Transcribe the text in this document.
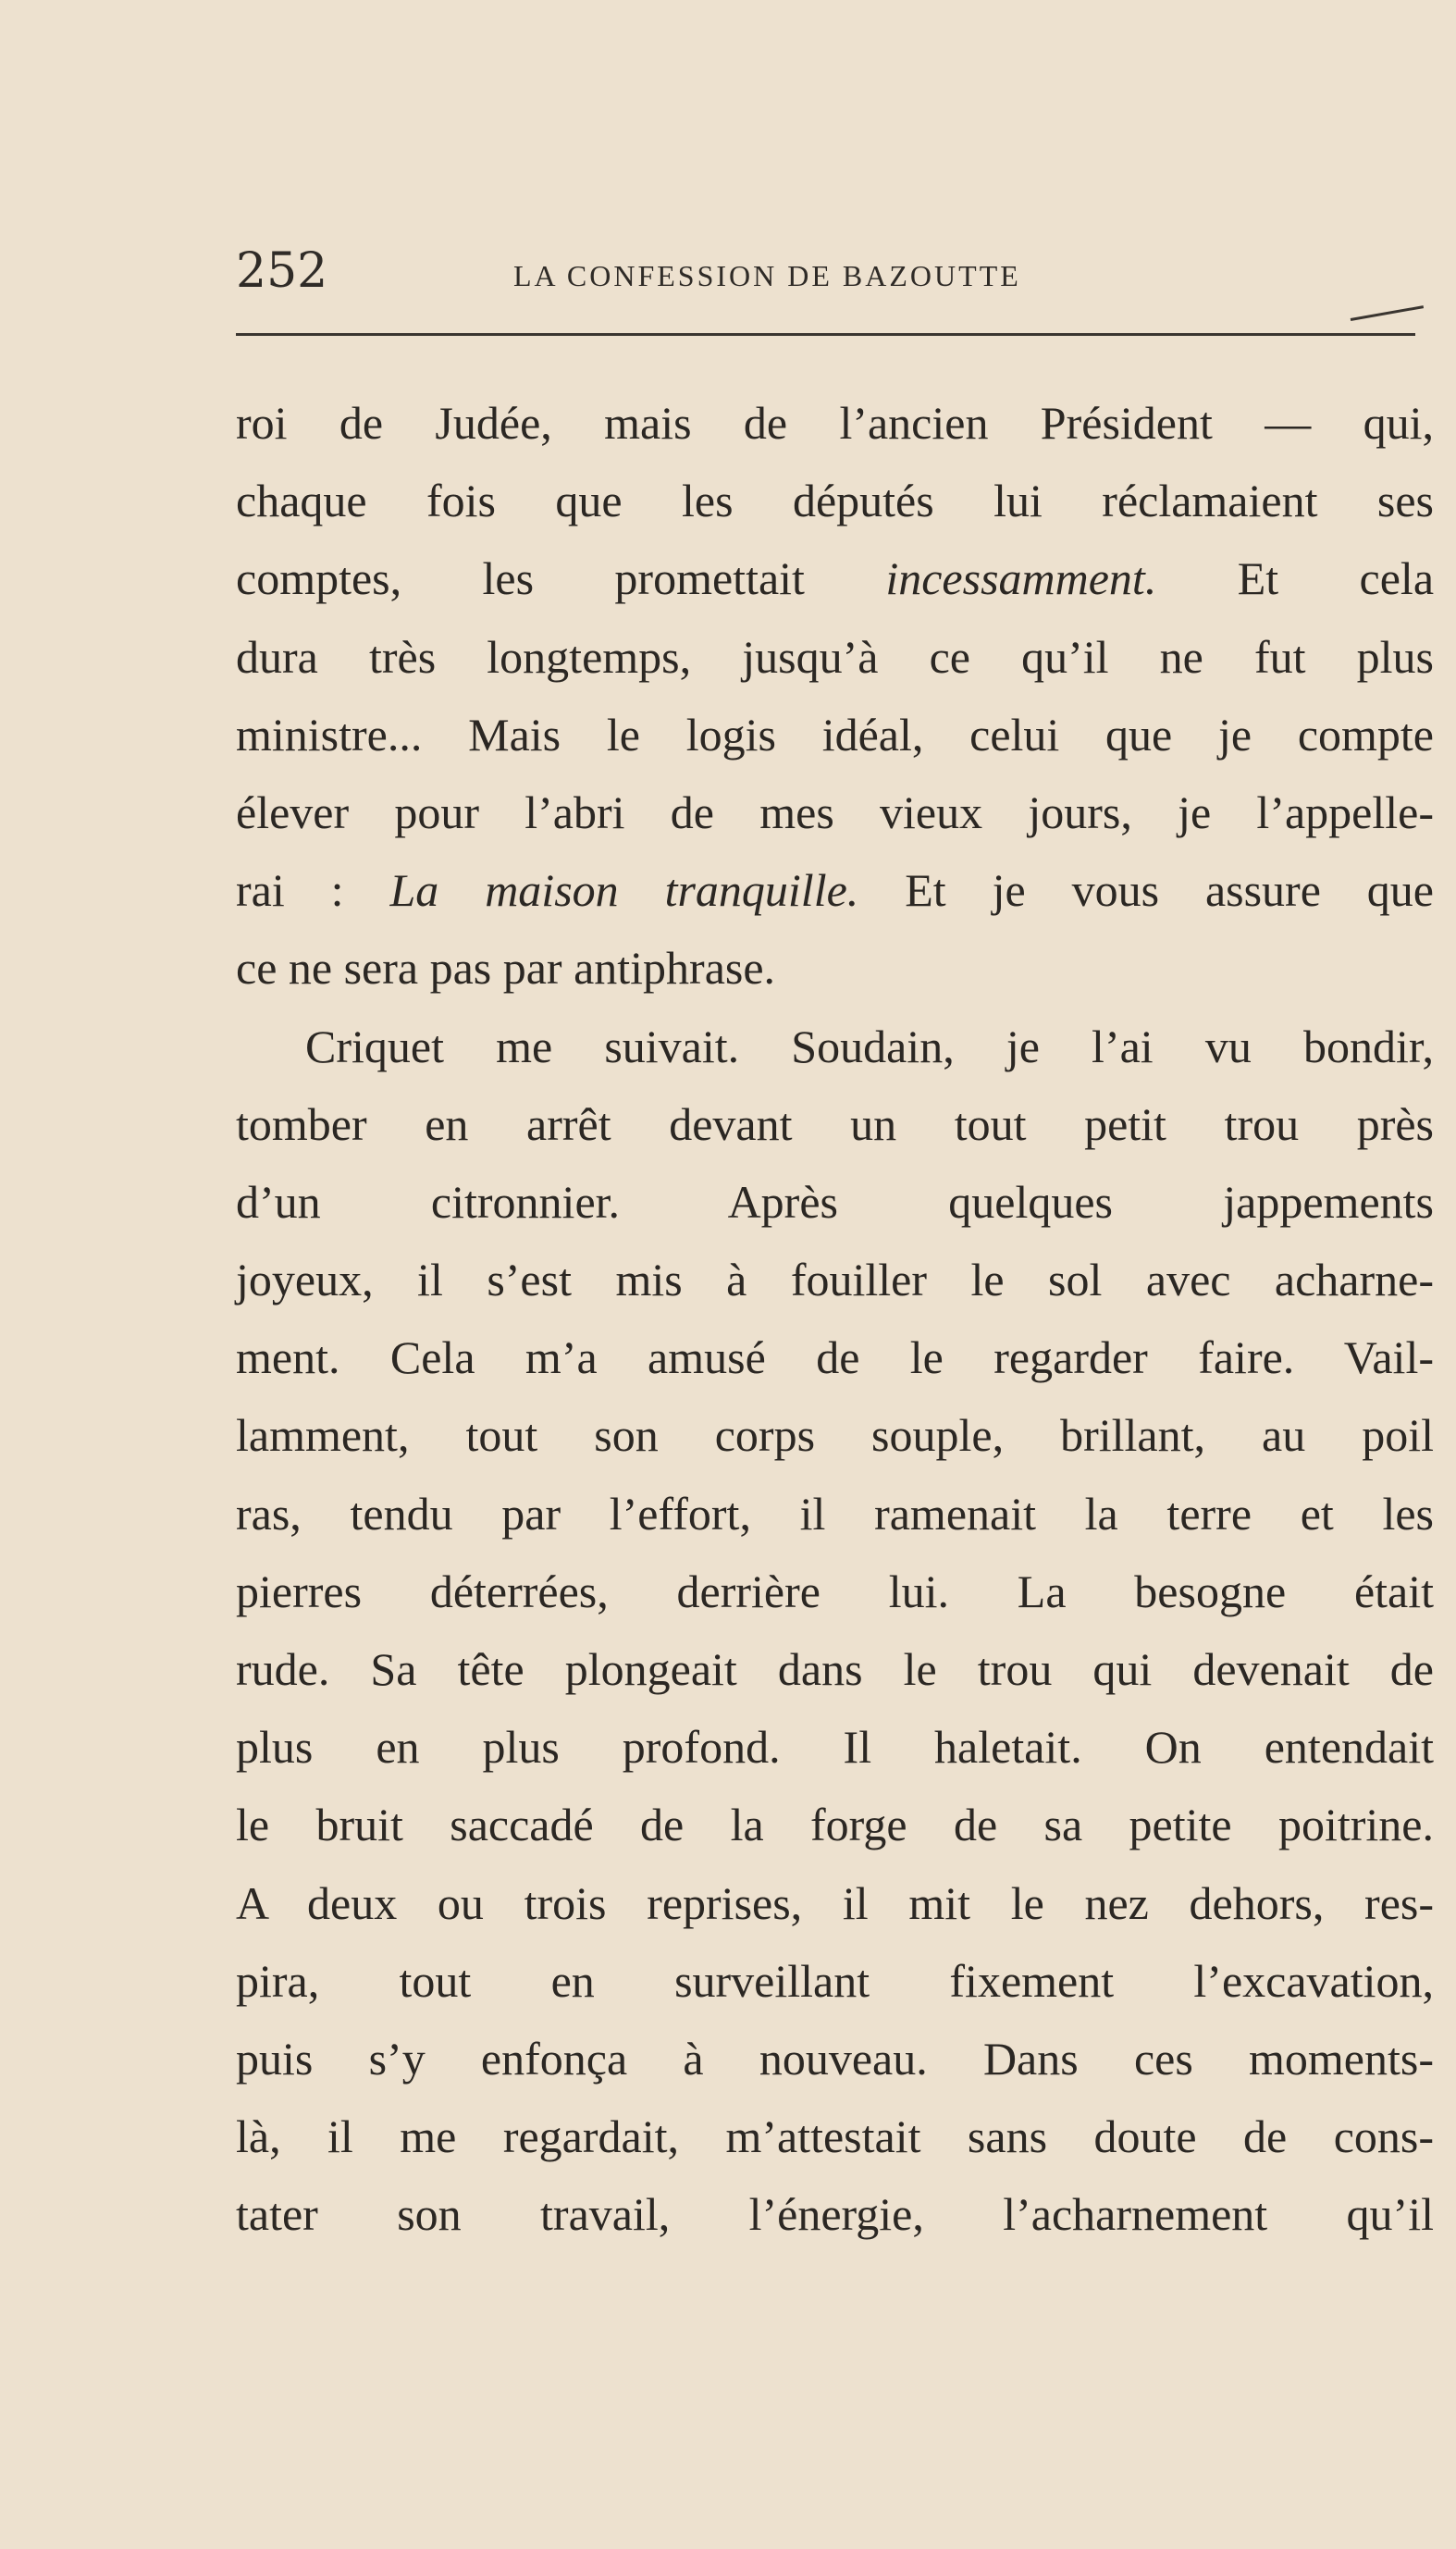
252	LA CONFESSION DE BAZOUTTE
roi de Judée, mais de l’ancien Président — qui,
chaque fois que les députés lui réclamaient ses
comptes, les promettait incessamment. Et cela
dura très longtemps, jusqu’à ce qu’il ne fut plus
ministre... Mais le logis idéal, celui que je compte
élever pour l’abri de mes vieux jours, je l’appelle-
rai : La maison tranquille. Et je vous assure que
ce ne sera pas par antiphrase.
Criquet me suivait. Soudain, je l’ai vu bondir,
tomber en arrêt devant un tout petit trou près
d’un citronnier. Après quelques jappements
joyeux, il s’est mis à fouiller le sol avec acharne-
ment. Cela m’a amusé de le regarder faire. Vail-
lamment, tout son corps souple, brillant, au poil
ras, tendu par l’effort, il ramenait la terre et les
pierres déterrées, derrière lui. La besogne était
rude. Sa tête plongeait dans le trou qui devenait de
plus en plus profond. Il haletait. On entendait
le bruit saccadé de la forge de sa petite poitrine.
A deux ou trois reprises, il mit le nez dehors, res-
pira, tout en surveillant fixement l’excavation,
puis s’y enfonça à nouveau. Dans ces moments-
là, il me regardait, m’attestait sans doute de cons-
tater son travail, l’énergie, l’acharnement qu’il
